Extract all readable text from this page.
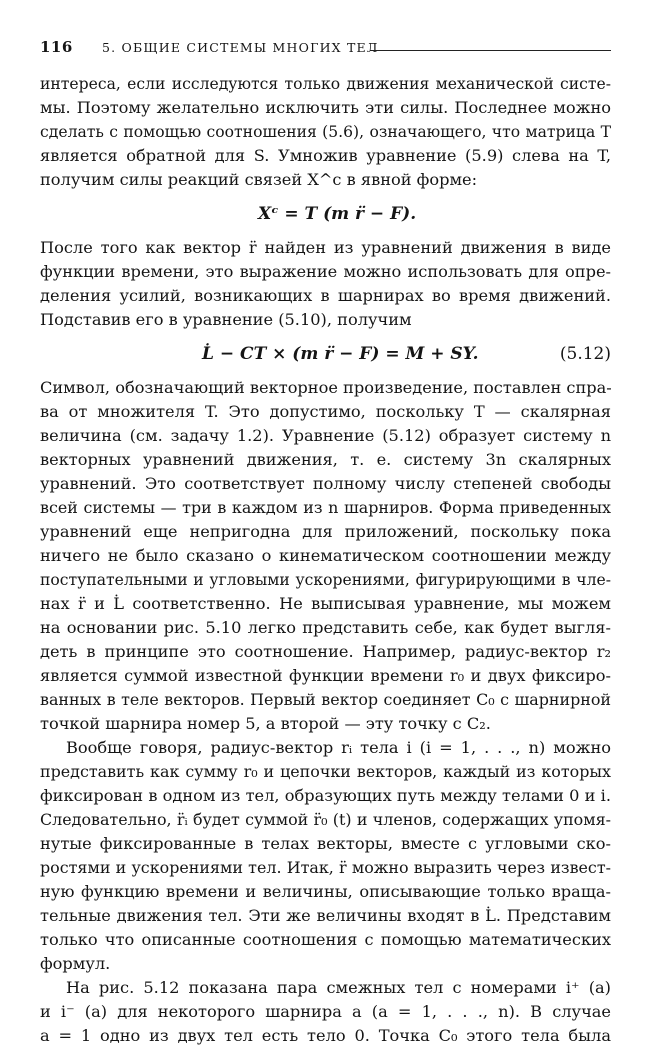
116 5. ОБЩИЕ СИСТЕМЫ МНОГИХ ТЕЛ
интереса, если исследуются только движения механической систе-
мы. Поэтому желательно исключить эти силы. Последнее можно
сделать с помощью соотношения (5.6), означающего, что матрица T
является обратной для S. Умножив уравнение (5.9) слева на T,
получим силы реакций связей X^c в явной форме:
Xᶜ = T (m r̈ − F).
После того как вектор r̈ найден из уравнений движения в виде
функции времени, это выражение можно использовать для опре-
деления усилий, возникающих в шарнирах во время движений.
Подставив его в уравнение (5.10), получим
L̇ − CT × (m r̈ − F) = M + SY.	(5.12)
Символ, обозначающий векторное произведение, поставлен спра-
ва от множителя T. Это допустимо, поскольку T — скалярная
величина (см. задачу 1.2). Уравнение (5.12) образует систему n
векторных уравнений движения, т. е. систему 3n скалярных
уравнений. Это соответствует полному числу степеней свободы
всей системы — три в каждом из n шарниров. Форма приведенных
уравнений еще непригодна для приложений, поскольку пока
ничего не было сказано о кинематическом соотношении между
поступательными и угловыми ускорениями, фигурирующими в чле-
нах r̈ и L̇ соответственно. Не выписывая уравнение, мы можем
на основании рис. 5.10 легко представить себе, как будет выгля-
деть в принципе это соотношение. Например, радиус-вектор r₂
является суммой известной функции времени r₀ и двух фиксиро-
ванных в теле векторов. Первый вектор соединяет C₀ с шарнирной
точкой шарнира номер 5, а второй — эту точку с C₂.
Вообще говоря, радиус-вектор rᵢ тела i (i = 1, . . ., n) можно
представить как сумму r₀ и цепочки векторов, каждый из которых
фиксирован в одном из тел, образующих путь между телами 0 и i.
Следовательно, r̈ᵢ будет суммой r̈₀ (t) и членов, содержащих упомя-
нутые фиксированные в телах векторы, вместе с угловыми ско-
ростями и ускорениями тел. Итак, r̈ можно выразить через извест-
ную функцию времени и величины, описывающие только враща-
тельные движения тел. Эти же величины входят в L̇. Представим
только что описанные соотношения с помощью математических
формул.
На рис. 5.12 показана пара смежных тел с номерами i⁺ (a)
и i⁻ (a) для некоторого шарнира a (a = 1, . . ., n). В случае
a = 1 одно из двух тел есть тело 0. Точка C₀ этого тела была
